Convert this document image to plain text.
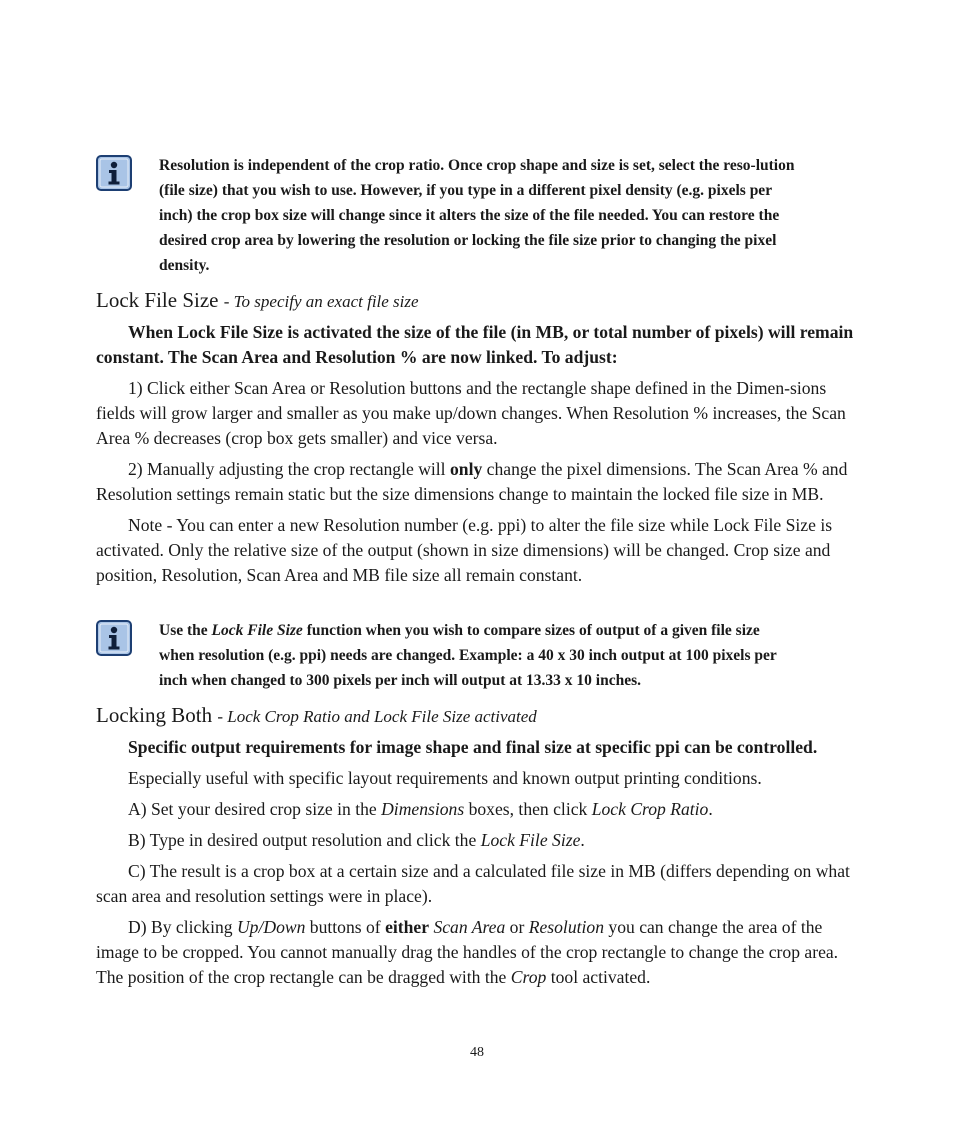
Resolution is independent of the crop ratio. Once crop shape and size is set, select the reso-lution (file size) that you wish to use. However, if you type in a different pixel density (e.g. pixels per inch) the crop box size will change since it alters the size of the file needed. You can restore the desired crop area by lowering the resolution or locking the file size prior to changing the pixel density.
Lock File Size - To specify an exact file size

When Lock File Size is activated the size of the file (in MB, or total number of pixels) will remain constant. The Scan Area and Resolution % are now linked. To adjust:

1) Click either Scan Area or Resolution buttons and the rectangle shape defined in the Dimen-sions fields will grow larger and smaller as you make up/down changes. When Resolution % increases, the Scan Area % decreases (crop box gets smaller) and vice versa.

2) Manually adjusting the crop rectangle will only change the pixel dimensions. The Scan Area % and Resolution settings remain static but the size dimensions change to maintain the locked file size in MB.

Note - You can enter a new Resolution number (e.g. ppi) to alter the file size while Lock File Size is activated. Only the relative size of the output (shown in size dimensions) will be changed. Crop size and position, Resolution, Scan Area and MB file size all remain constant.

Use the Lock File Size function when you wish to compare sizes of output of a given file size when resolution (e.g. ppi) needs are changed. Example: a 40 x 30 inch output at 100 pixels per inch when changed to 300 pixels per inch will output at 13.33 x 10 inches.
Locking Both - Lock Crop Ratio and Lock File Size activated

Specific output requirements for image shape and final size at specific ppi can be controlled.

Especially useful with specific layout requirements and known output printing conditions.

A) Set your desired crop size in the Dimensions boxes, then click Lock Crop Ratio.

B) Type in desired output resolution and click the Lock File Size.

C) The result is a crop box at a certain size and a calculated file size in MB (differs depending on what scan area and resolution settings were in place).

D) By clicking Up/Down buttons of either Scan Area or Resolution you can change the area of the image to be cropped. You cannot manually drag the handles of the crop rectangle to change the crop area. The position of the crop rectangle can be dragged with the Crop tool activated.

48
